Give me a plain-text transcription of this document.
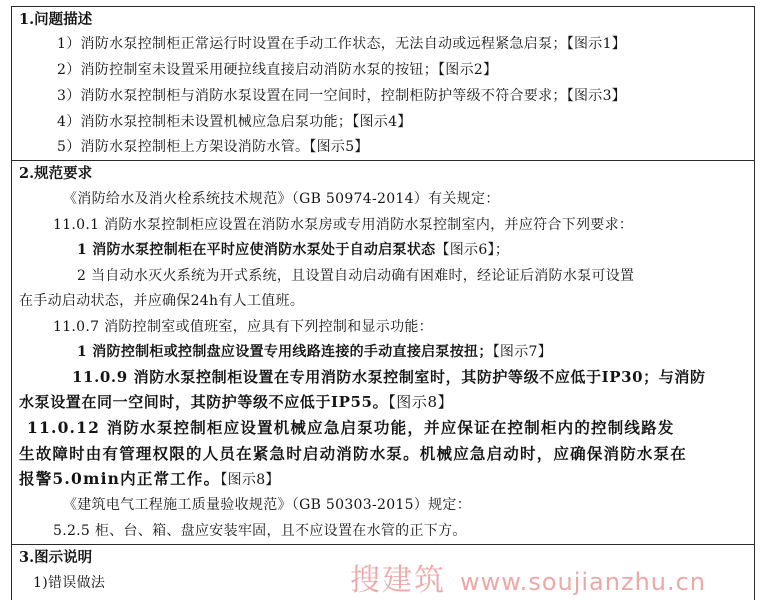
1.问题描述
1）消防水泵控制柜正常运行时设置在手动工作状态，无法自动或远程紧急启泵；【图示1】
2）消防控制室未设置采用硬拉线直接启动消防水泵的按钮；【图示2】
3）消防水泵控制柜与消防水泵设置在同一空间时，控制柜防护等级不符合要求；【图示3】
4）消防水泵控制柜未设置机械应急启泵功能；【图示4】
5）消防水泵控制柜上方架设消防水管。【图示5】
2.规范要求
《消防给水及消火栓系统技术规范》（GB 50974-2014）有关规定：
11.0.1 消防水泵控制柜应设置在消防水泵房或专用消防水泵控制室内，并应符合下列要求：
1 消防水泵控制柜在平时应使消防水泵处于自动启泵状态【图示6】；
2 当自动水灭火系统为开式系统，且设置自动启动确有困难时，经论证后消防水泵可设置
在手动启动状态，并应确保24h有人工值班。
11.0.7 消防控制室或值班室，应具有下列控制和显示功能：
1 消防控制柜或控制盘应设置专用线路连接的手动直接启泵按扭；【图示7】
11.0.9 消防水泵控制柜设置在专用消防水泵控制室时，其防护等级不应低于IP30；与消防
水泵设置在同一空间时，其防护等级不应低于IP55。【图示8】
11.0.12 消防水泵控制柜应设置机械应急启泵功能，并应保证在控制柜内的控制线路发
生故障时由有管理权限的人员在紧急时启动消防水泵。机械应急启动时，应确保消防水泵在
报警5.0min内正常工作。【图示8】
《建筑电气工程施工质量验收规范》（GB 50303-2015）规定：
5.2.5 柜、台、箱、盘应安装牢固，且不应设置在水管的正下方。
3.图示说明
1)错误做法	搜建筑 www.soujianzhu.cn
